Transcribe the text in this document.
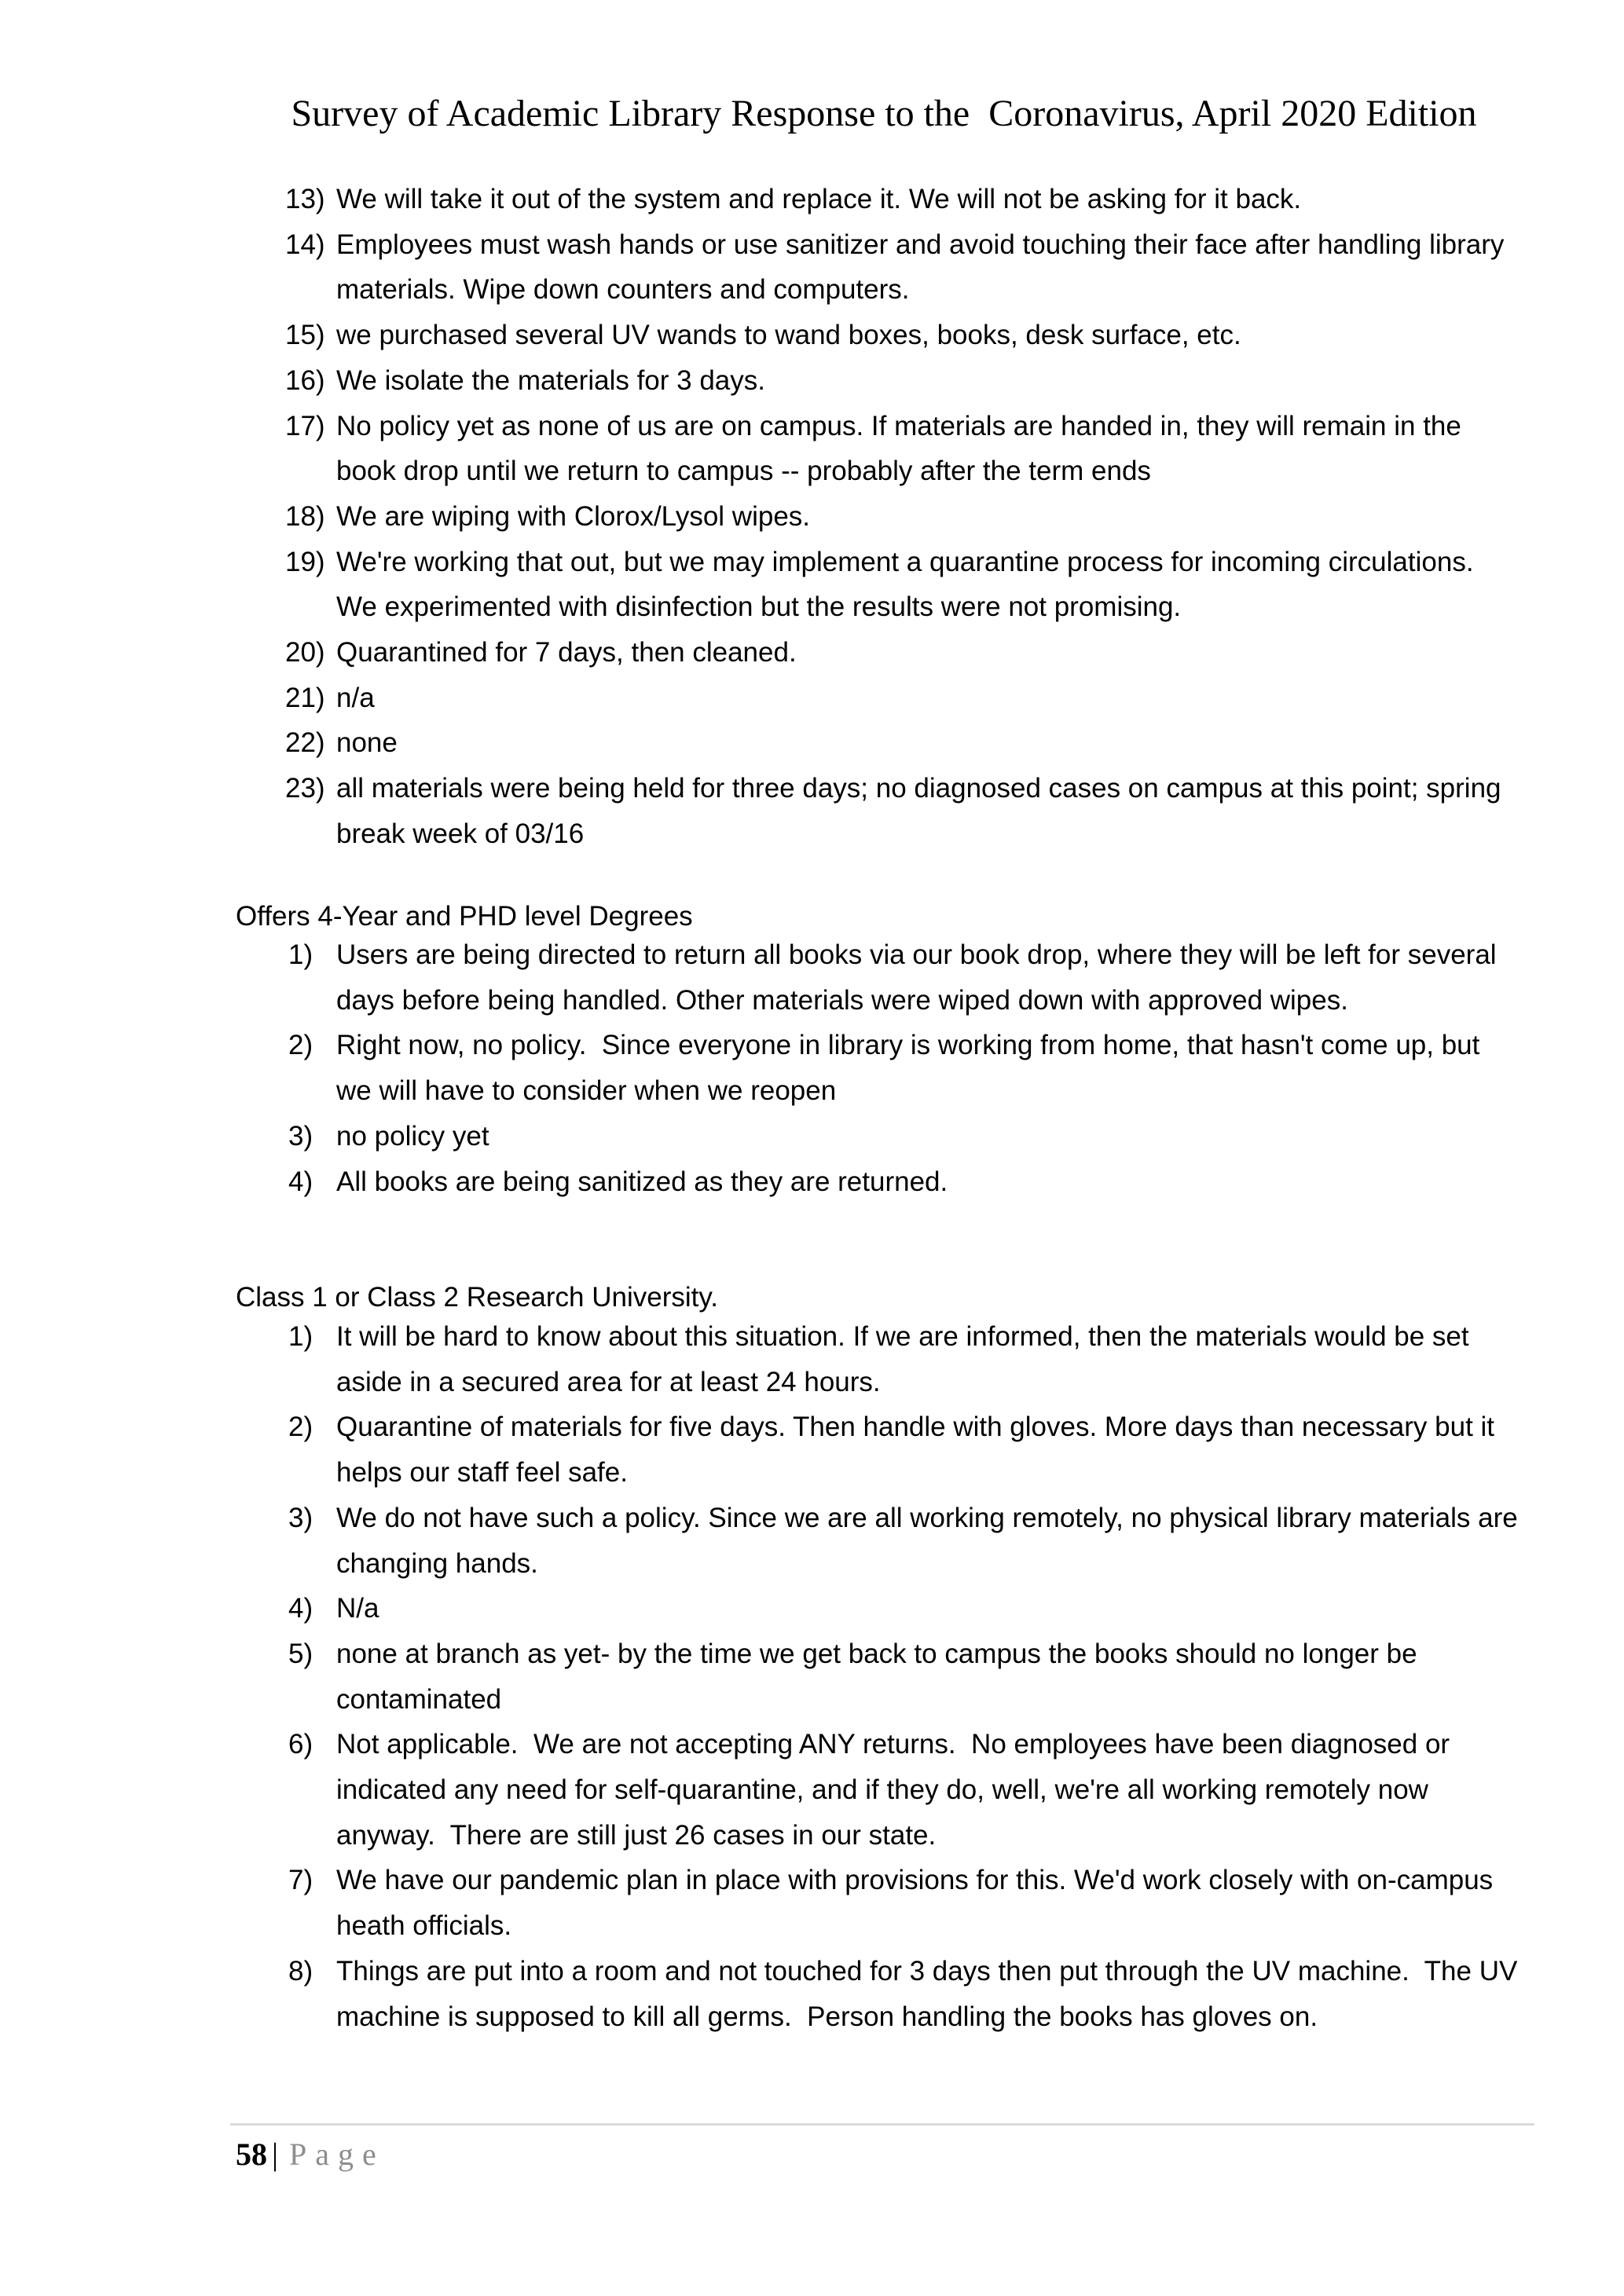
Survey of Academic Library Response to the  Coronavirus, April 2020 Edition
13) We will take it out of the system and replace it. We will not be asking for it back.
14) Employees must wash hands or use sanitizer and avoid touching their face after handling library materials. Wipe down counters and computers.
15) we purchased several UV wands to wand boxes, books, desk surface, etc.
16) We isolate the materials for 3 days.
17) No policy yet as none of us are on campus. If materials are handed in, they will remain in the book drop until we return to campus -- probably after the term ends
18) We are wiping with Clorox/Lysol wipes.
19) We're working that out, but we may implement a quarantine process for incoming circulations. We experimented with disinfection but the results were not promising.
20) Quarantined for 7 days, then cleaned.
21) n/a
22) none
23) all materials were being held for three days; no diagnosed cases on campus at this point; spring break week of 03/16
Offers 4-Year and PHD level Degrees
1) Users are being directed to return all books via our book drop, where they will be left for several days before being handled. Other materials were wiped down with approved wipes.
2) Right now, no policy.  Since everyone in library is working from home, that hasn't come up, but we will have to consider when we reopen
3) no policy yet
4) All books are being sanitized as they are returned.
Class 1 or Class 2 Research University.
1) It will be hard to know about this situation. If we are informed, then the materials would be set aside in a secured area for at least 24 hours.
2) Quarantine of materials for five days. Then handle with gloves. More days than necessary but it helps our staff feel safe.
3) We do not have such a policy. Since we are all working remotely, no physical library materials are changing hands.
4) N/a
5) none at branch as yet- by the time we get back to campus the books should no longer be contaminated
6) Not applicable.  We are not accepting ANY returns.  No employees have been diagnosed or indicated any need for self-quarantine, and if they do, well, we're all working remotely now anyway.  There are still just 26 cases in our state.
7) We have our pandemic plan in place with provisions for this. We'd work closely with on-campus heath officials.
8) Things are put into a room and not touched for 3 days then put through the UV machine.  The UV machine is supposed to kill all germs.  Person handling the books has gloves on.
58 | Page
